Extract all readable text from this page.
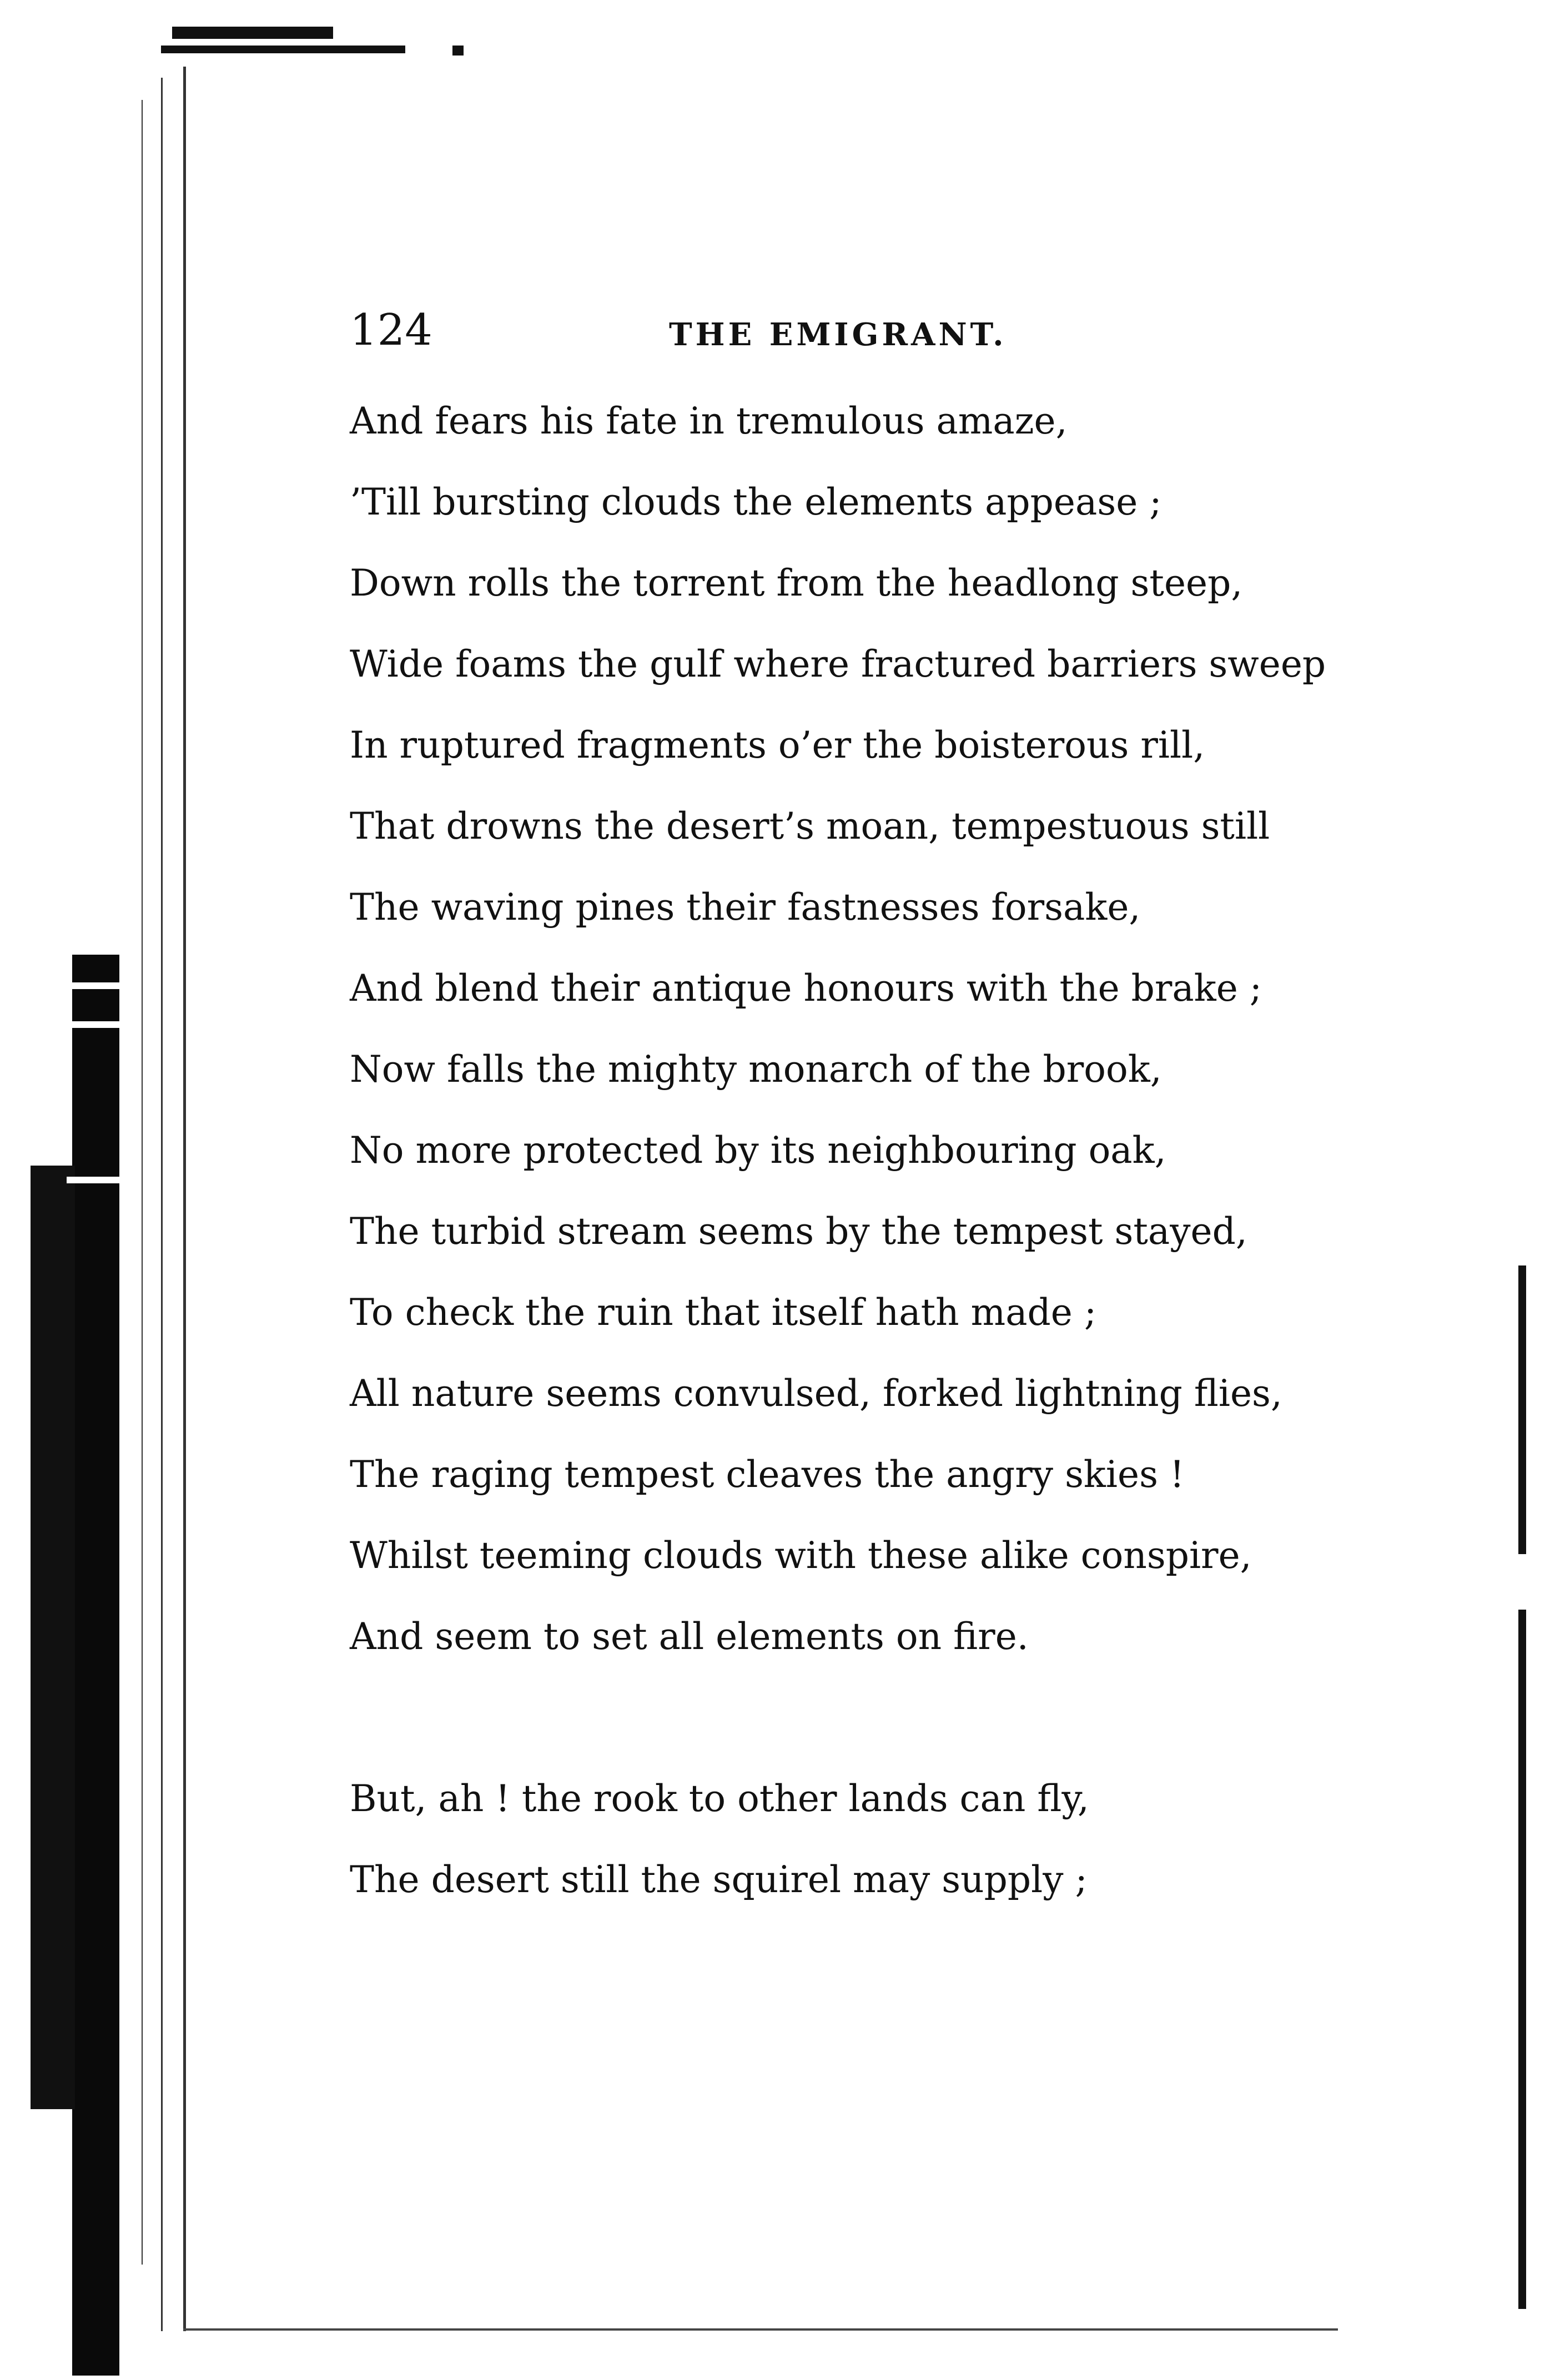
124	THE EMIGRANT.
And fears his fate in tremulous amaze,
’Till bursting clouds the elements appease ;
Down rolls the torrent from the headlong steep,
Wide foams the gulf where fractured barriers sweep
In ruptured fragments o’er the boisterous rill,
That drowns the desert’s moan, tempestuous still
The waving pines their fastnesses forsake,
And blend their antique honours with the brake ;
Now falls the mighty monarch of the brook,
No more protected by its neighbouring oak,
The turbid stream seems by the tempest stayed,
To check the ruin that itself hath made ;
All nature seems convulsed, forked lightning flies,
The raging tempest cleaves the angry skies !
Whilst teeming clouds with these alike conspire,
And seem to set all elements on fire.
But, ah ! the rook to other lands can fly,
The desert still the squirel may supply ;
